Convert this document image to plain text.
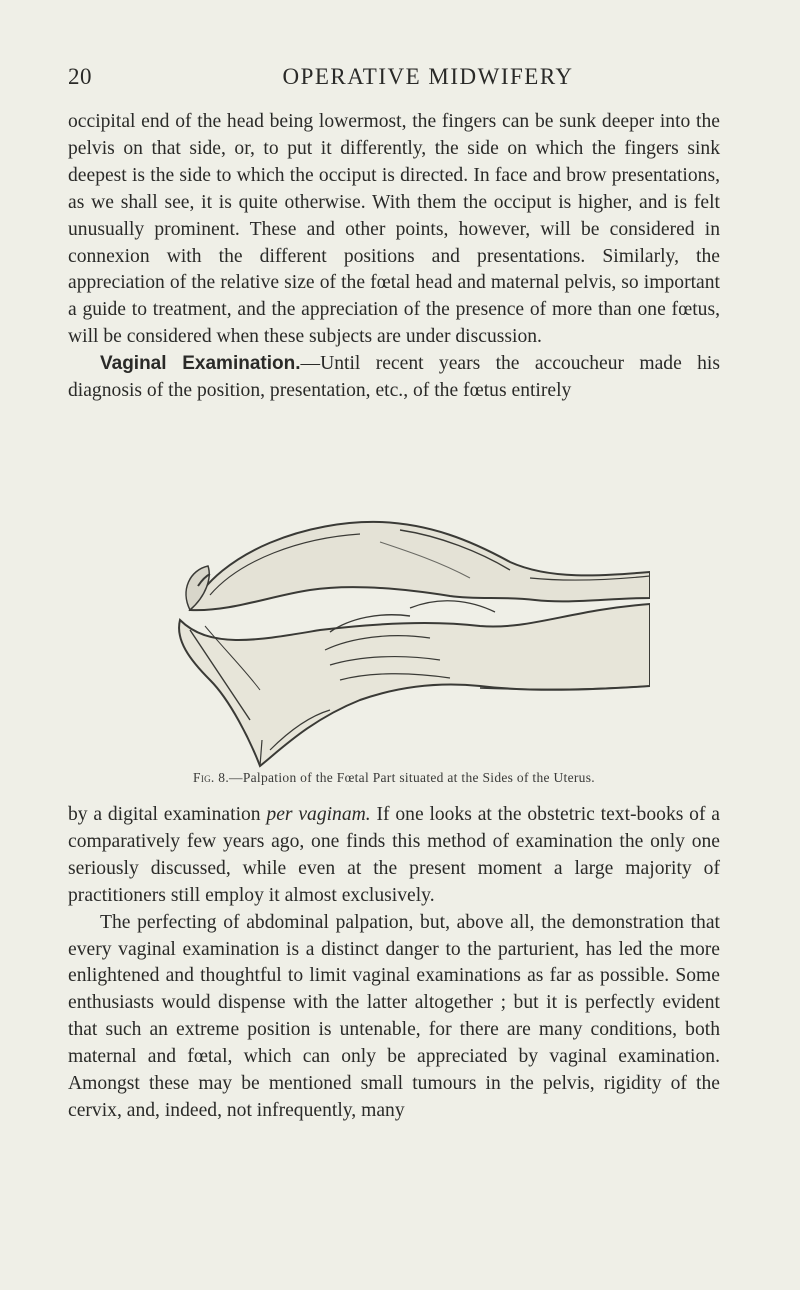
20	OPERATIVE MIDWIFERY

occipital end of the head being lowermost, the fingers can be sunk deeper into the pelvis on that side, or, to put it differently, the side on which the fingers sink deepest is the side to which the occiput is directed. In face and brow presentations, as we shall see, it is quite otherwise. With them the occiput is higher, and is felt unusually prominent. These and other points, however, will be considered in connexion with the different positions and presentations. Similarly, the appreciation of the relative size of the fœtal head and maternal pelvis, so important a guide to treatment, and the appreciation of the presence of more than one fœtus, will be considered when these subjects are under discussion.

Vaginal Examination.—Until recent years the accoucheur made his diagnosis of the position, presentation, etc., of the fœtus entirely

Fig. 8.—Palpation of the Fœtal Part situated at the Sides of the Uterus.

by a digital examination per vaginam. If one looks at the obstetric text-books of a comparatively few years ago, one finds this method of examination the only one seriously discussed, while even at the present moment a large majority of practitioners still employ it almost exclusively.

The perfecting of abdominal palpation, but, above all, the demonstration that every vaginal examination is a distinct danger to the parturient, has led the more enlightened and thoughtful to limit vaginal examinations as far as possible. Some enthusiasts would dispense with the latter altogether ; but it is perfectly evident that such an extreme position is untenable, for there are many conditions, both maternal and fœtal, which can only be appreciated by vaginal examination. Amongst these may be mentioned small tumours in the pelvis, rigidity of the cervix, and, indeed, not infrequently, many
